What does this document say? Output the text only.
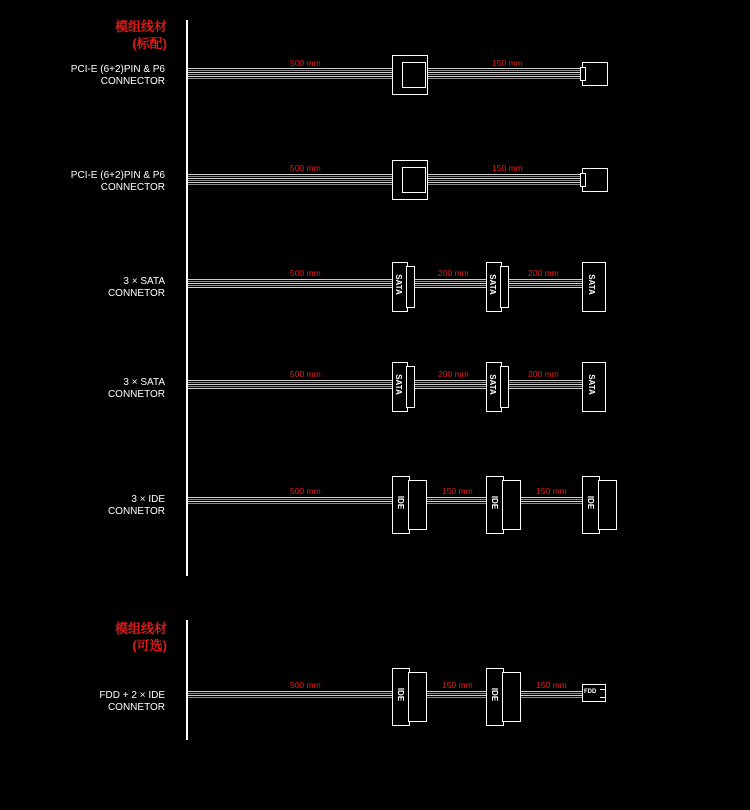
模组线材
(标配)
模组线材
(可选)
PCI-E (6+2)PIN & P6
CONNECTOR
500 mm	150 mm
PCI-E (6+2)PIN & P6
CONNECTOR
500 mm	150 mm
3 × SATA
CONNETOR
500 mm	200 mm	200 mm
SATA	SATA	SATA
3 × SATA
CONNETOR
500 mm	200 mm	200 mm
SATA	SATA	SATA
3 × IDE
CONNETOR
500 mm	150 mm	150 mm
IDE	IDE	IDE
FDD + 2 × IDE
CONNETOR
500 mm	150 mm	150 mm
IDE	IDE	FDD
